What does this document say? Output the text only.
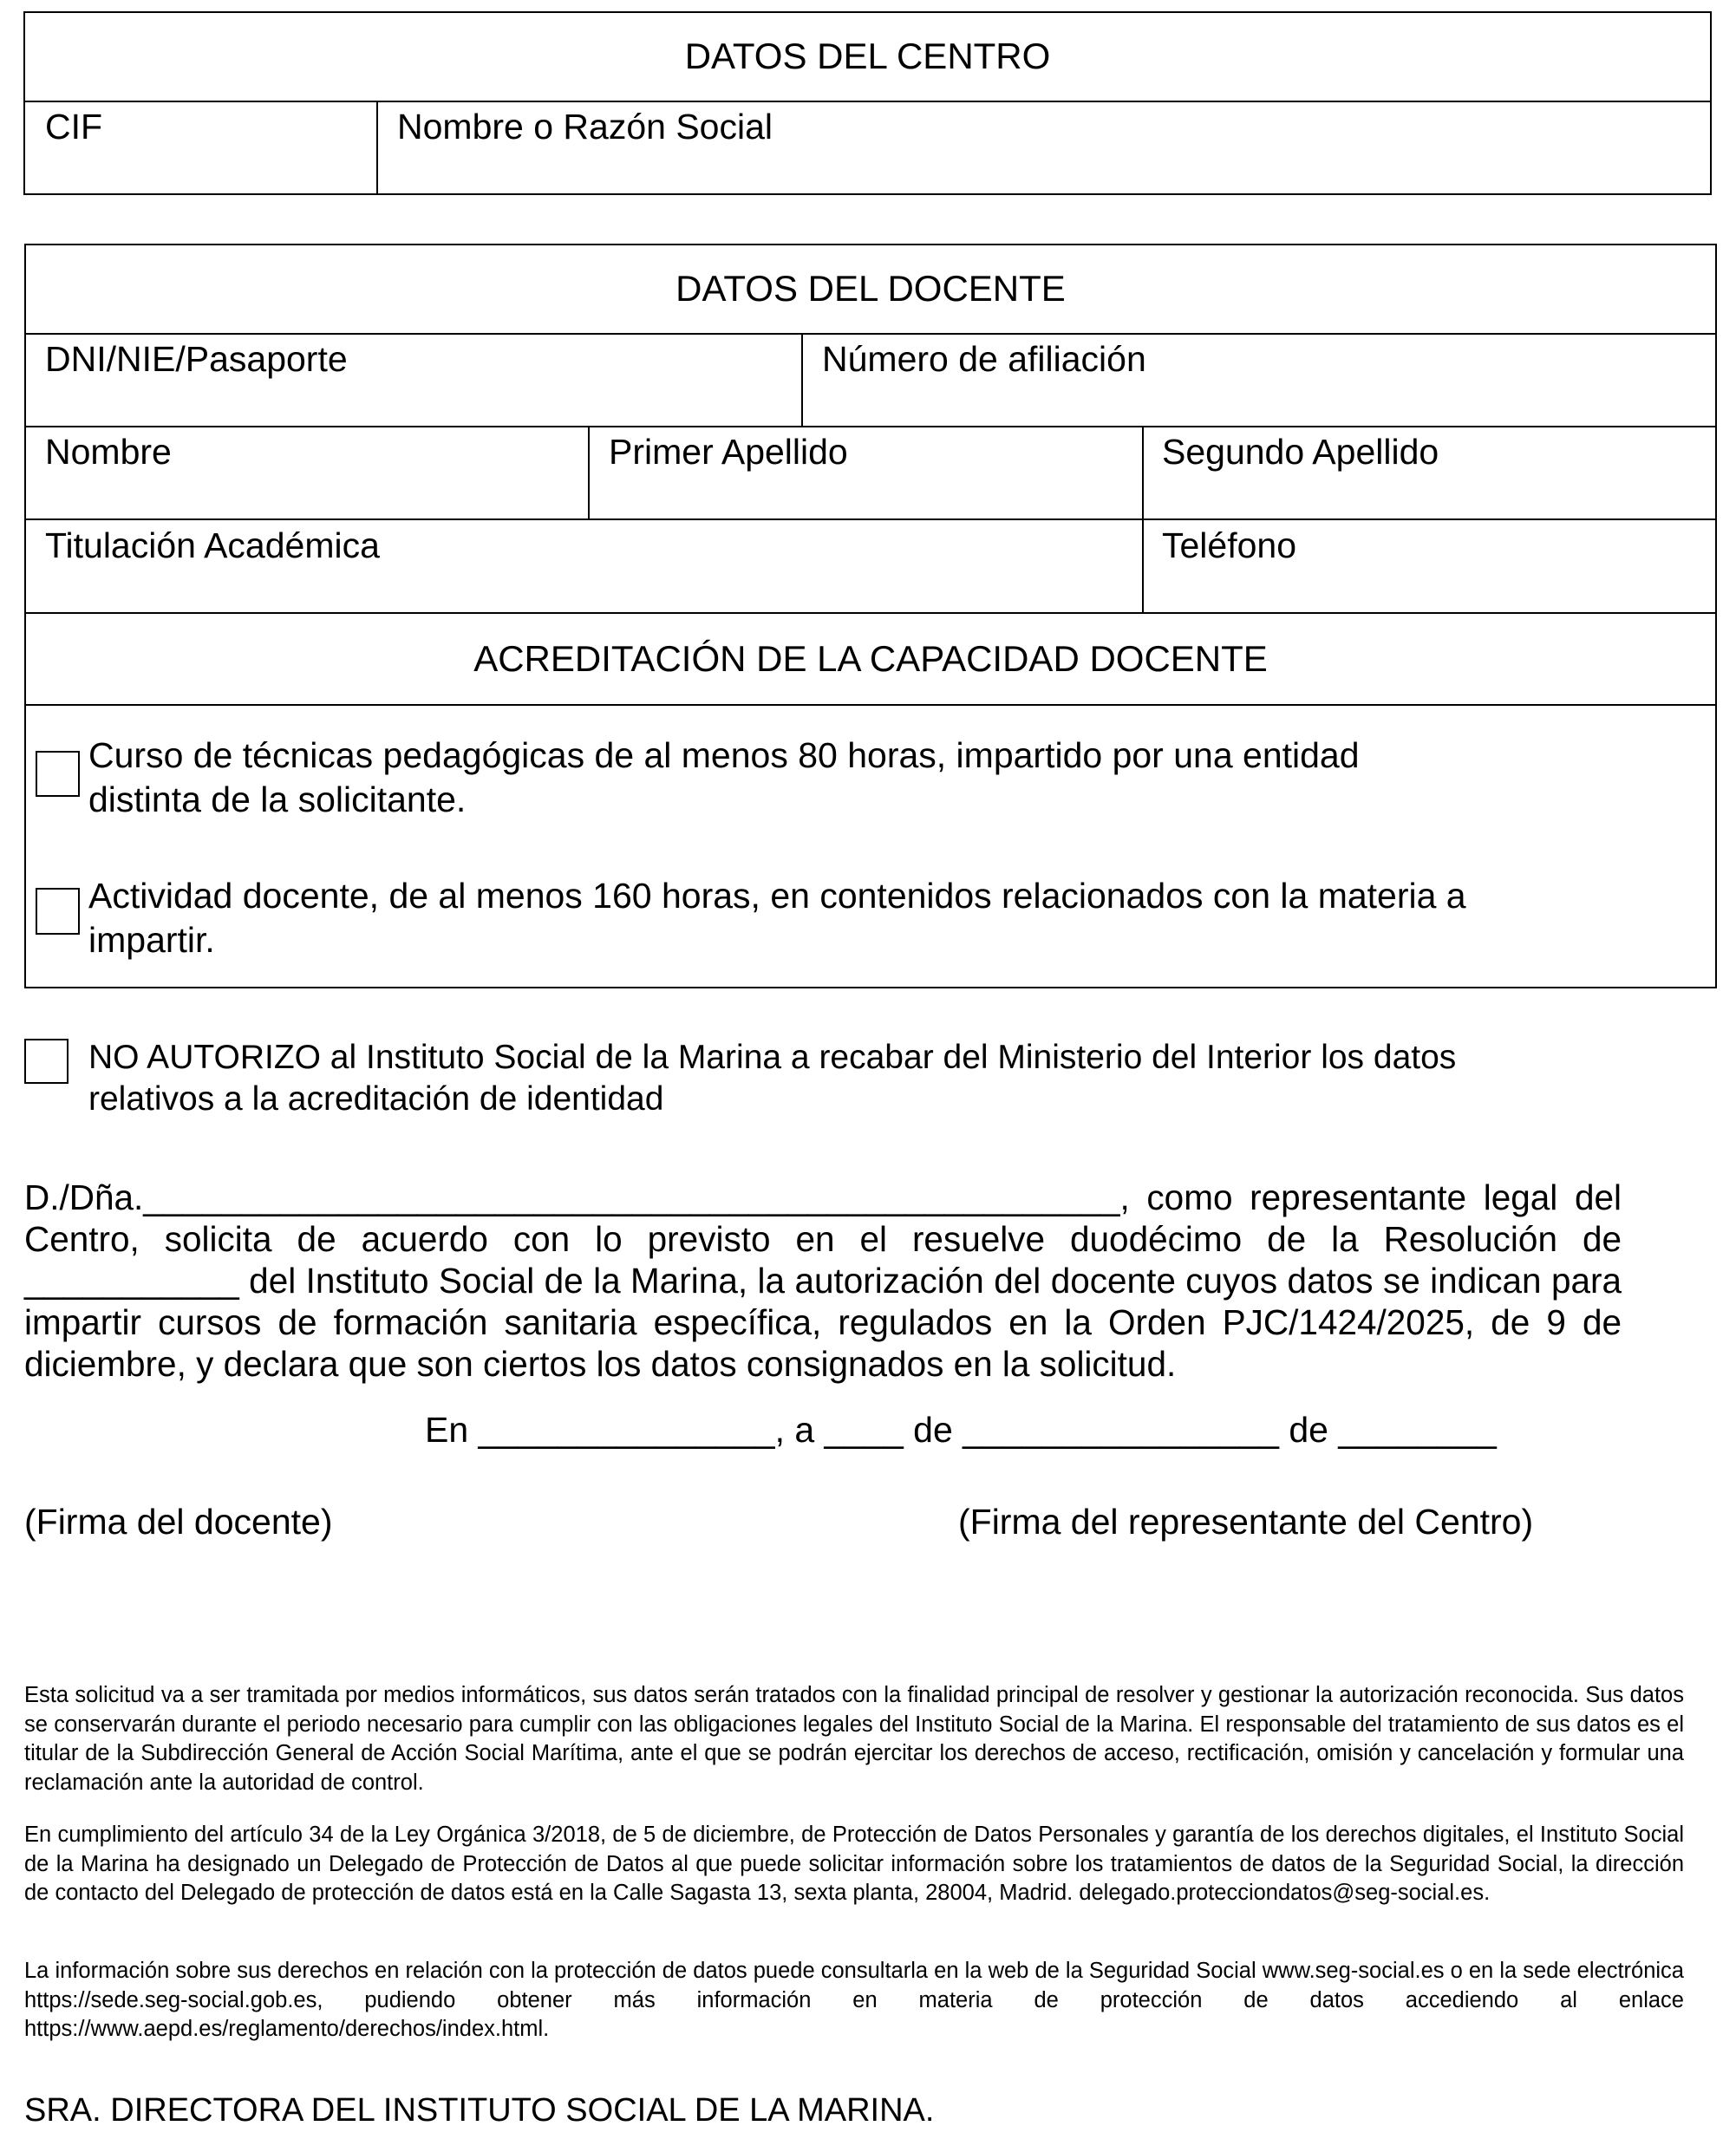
DATOS DEL CENTRO
CIF	Nombre o Razón Social
DATOS DEL DOCENTE
DNI/NIE/Pasaporte	Número de afiliación
Nombre	Primer Apellido	Segundo Apellido
Titulación Académica	Teléfono
ACREDITACIÓN DE LA CAPACIDAD DOCENTE
Curso de técnicas pedagógicas de al menos 80 horas, impartido por una entidad
distinta de la solicitante.
Actividad docente, de al menos 160 horas, en contenidos relacionados con la materia a
impartir.
NO AUTORIZO al Instituto Social de la Marina a recabar del Ministerio del Interior los datos
relativos a la acreditación de identidad
D./Dña.__________________________________________________, como representante legal del Centro, solicita de acuerdo con lo previsto en el resuelve duodécimo de la Resolución de ___________ del Instituto Social de la Marina, la autorización del docente cuyos datos se indican para impartir cursos de formación sanitaria específica, regulados en la Orden PJC/1424/2025, de 9 de diciembre, y declara que son ciertos los datos consignados en la solicitud.
En _______________, a ____ de ________________ de ________
(Firma del docente)	(Firma del representante del Centro)
Esta solicitud va a ser tramitada por medios informáticos, sus datos serán tratados con la finalidad principal de resolver y gestionar la autorización reconocida. Sus datos se conservarán durante el periodo necesario para cumplir con las obligaciones legales del Instituto Social de la Marina. El responsable del tratamiento de sus datos es el titular de la Subdirección General de Acción Social Marítima, ante el que se podrán ejercitar los derechos de acceso, rectificación, omisión y cancelación y formular una reclamación ante la autoridad de control.
En cumplimiento del artículo 34 de la Ley Orgánica 3/2018, de 5 de diciembre, de Protección de Datos Personales y garantía de los derechos digitales, el Instituto Social de la Marina ha designado un Delegado de Protección de Datos al que puede solicitar información sobre los tratamientos de datos de la Seguridad Social, la dirección de contacto del Delegado de protección de datos está en la Calle Sagasta 13, sexta planta, 28004, Madrid. delegado.protecciondatos@seg-social.es.
La información sobre sus derechos en relación con la protección de datos puede consultarla en la web de la Seguridad Social www.seg-social.es o en la sede electrónica https://sede.seg-social.gob.es, pudiendo obtener más información en materia de protección de datos accediendo al enlace https://www.aepd.es/reglamento/derechos/index.html.
SRA. DIRECTORA DEL INSTITUTO SOCIAL DE LA MARINA.
